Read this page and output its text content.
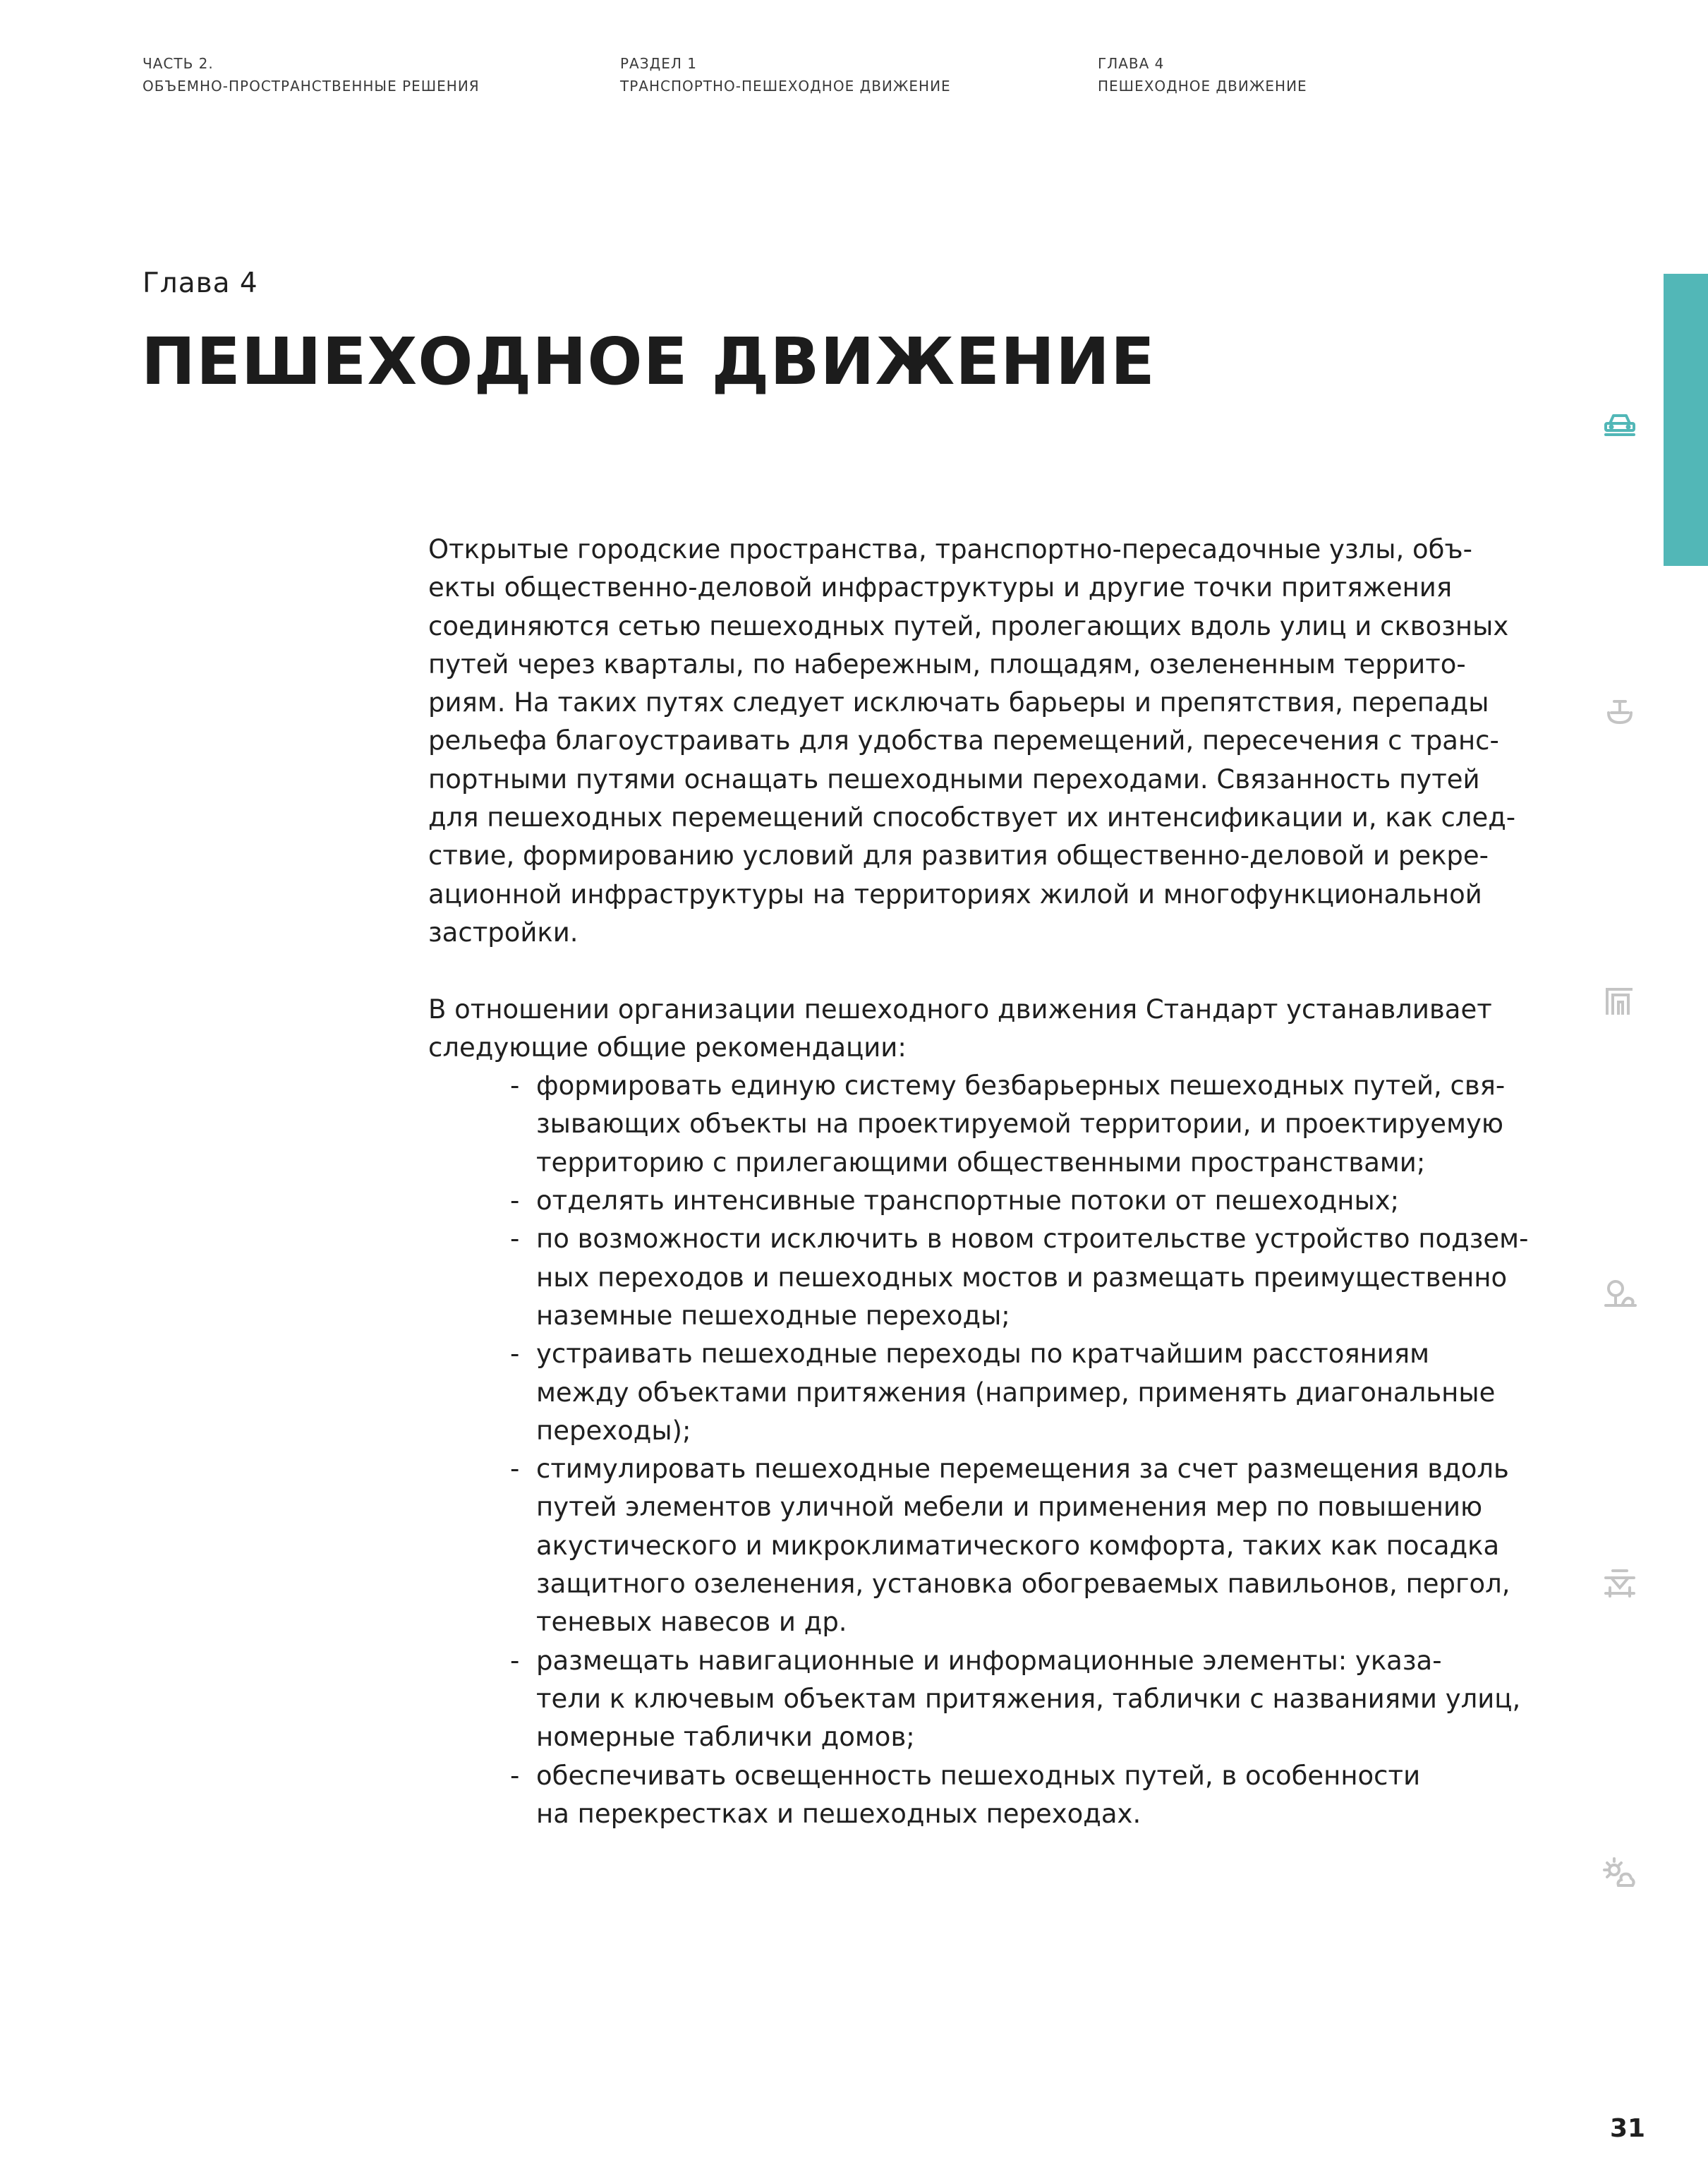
ЧАСТЬ 2.
ОБЪЕМНО-ПРОСТРАНСТВЕННЫЕ РЕШЕНИЯ
РАЗДЕЛ 1
ТРАНСПОРТНО-ПЕШЕХОДНОЕ ДВИЖЕНИЕ
ГЛАВА 4
ПЕШЕХОДНОЕ ДВИЖЕНИЕ
Глава 4
ПЕШЕХОДНОЕ ДВИЖЕНИЕ
Открытые городские пространства, транспортно-пересадочные узлы, объ-
екты общественно-деловой инфраструктуры и другие точки притяжения
соединяются сетью пешеходных путей, пролегающих вдоль улиц и сквозных
путей через кварталы, по набережным, площадям, озелененным террито-
риям. На таких путях следует исключать барьеры и препятствия, перепады
рельефа благоустраивать для удобства перемещений, пересечения с транс-
портными путями оснащать пешеходными переходами. Связанность путей
для пешеходных перемещений способствует их интенсификации и, как след-
ствие, формированию условий для развития общественно-деловой и рекре-
ационной инфраструктуры на территориях жилой и многофункциональной
застройки.
В отношении организации пешеходного движения Стандарт устанавливает
следующие общие рекомендации:
- формировать единую систему безбарьерных пешеходных путей, свя-
зывающих объекты на проектируемой территории, и проектируемую
территорию с прилегающими общественными пространствами;
- отделять интенсивные транспортные потоки от пешеходных;
- по возможности исключить в новом строительстве устройство подзем-
ных переходов и пешеходных мостов и размещать преимущественно
наземные пешеходные переходы;
- устраивать пешеходные переходы по кратчайшим расстояниям
между объектами притяжения (например, применять диагональные
переходы);
- стимулировать пешеходные перемещения за счет размещения вдоль
путей элементов уличной мебели и применения мер по повышению
акустического и микроклиматического комфорта, таких как посадка
защитного озеленения, установка обогреваемых павильонов, пергол,
теневых навесов и др.
- размещать навигационные и информационные элементы: указа-
тели к ключевым объектам притяжения, таблички с названиями улиц,
номерные таблички домов;
- обеспечивать освещенность пешеходных путей, в особенности
на перекрестках и пешеходных переходах.
31
